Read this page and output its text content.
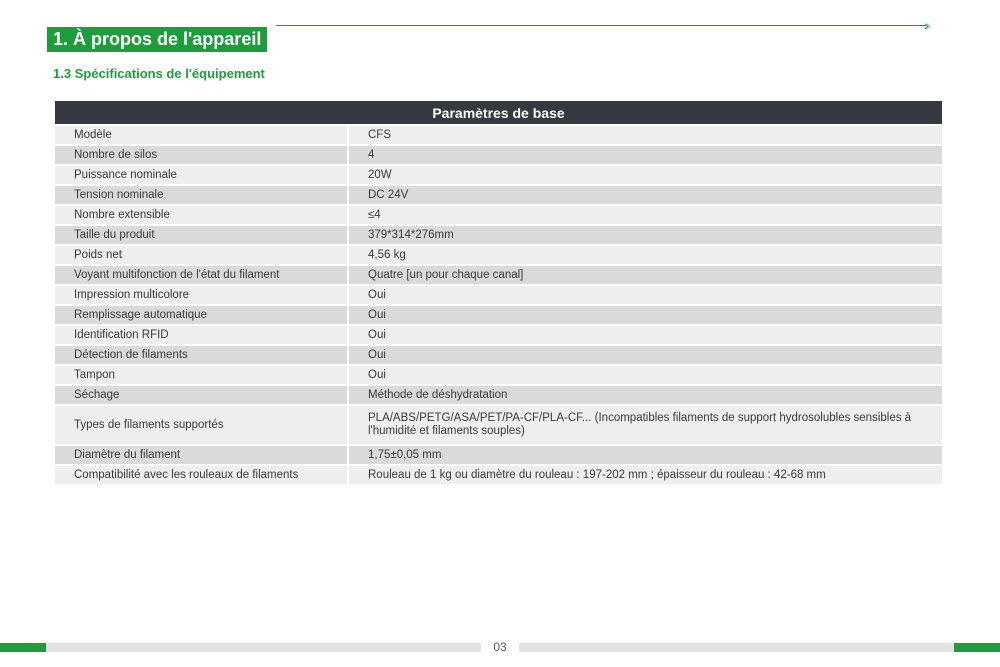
›››
1. À propos de l'appareil
1.3 Spécifications de l'équipement
Paramètres de base	
Modèle	CFS
Nombre de silos	4
Puissance nominale	20W
Tension nominale	DC 24V
Nombre extensible	≤4
Taille du produit	379*314*276mm
Poids net	4,56 kg
Voyant multifonction de l'état du filament	Quatre [un pour chaque canal]
Impression multicolore	Oui
Remplissage automatique	Oui
Identification RFID	Oui
Détection de filaments	Oui
Tampon	Oui
Séchage	Méthode de déshydratation
Types de filaments supportés	PLA/ABS/PETG/ASA/PET/PA-CF/PLA-CF... (Incompatibles filaments de support hydrosolubles sensibles à l'humidité et filaments souples)
Diamètre du filament	1,75±0,05 mm
Compatibilité avec les rouleaux de filaments	Rouleau de 1 kg ou diamètre du rouleau : 197-202 mm ; épaisseur du rouleau : 42-68 mm
03
